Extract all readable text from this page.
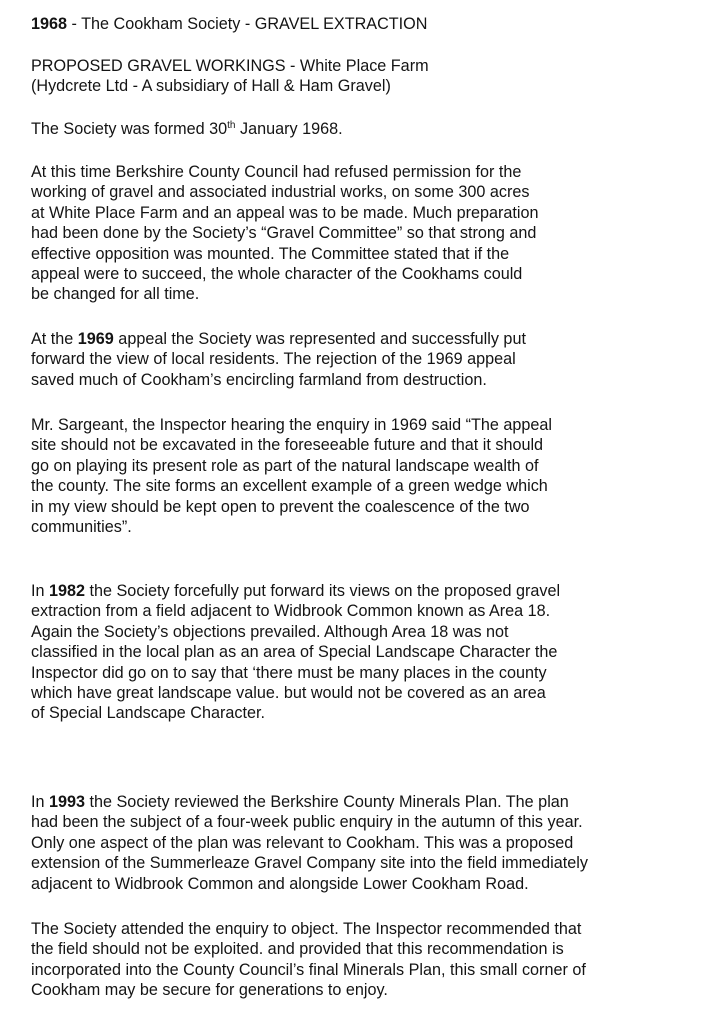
1968 - The Cookham Society - GRAVEL EXTRACTION
PROPOSED GRAVEL WORKINGS - White Place Farm
(Hydcrete Ltd - A subsidiary of Hall & Ham Gravel)
The Society was formed 30th January 1968.
At this time Berkshire County Council had refused permission for the
working of gravel and associated industrial works, on some 300 acres
at White Place Farm and an appeal was to be made. Much preparation
had been done by the Society’s “Gravel Committee” so that strong and
effective opposition was mounted. The Committee stated that if the
appeal were to succeed, the whole character of the Cookhams could
be changed for all time.
At the 1969 appeal the Society was represented and successfully put
forward the view of local residents. The rejection of the 1969 appeal
saved much of Cookham’s encircling farmland from destruction.
Mr. Sargeant, the Inspector hearing the enquiry in 1969 said “The appeal
site should not be excavated in the foreseeable future and that it should
go on playing its present role as part of the natural landscape wealth of
the county. The site forms an excellent example of a green wedge which
in my view should be kept open to prevent the coalescence of the two
communities”.
In 1982 the Society forcefully put forward its views on the proposed gravel
extraction from a field adjacent to Widbrook Common known as Area 18.
Again the Society’s objections prevailed. Although Area 18 was not
classified in the local plan as an area of Special Landscape Character the
Inspector did go on to say that ‘there must be many places in the county
which have great landscape value. but would not be covered as an area
of Special Landscape Character.
In 1993 the Society reviewed the Berkshire County Minerals Plan. The plan
had been the subject of a four-week public enquiry in the autumn of this year.
Only one aspect of the plan was relevant to Cookham. This was a proposed
extension of the Summerleaze Gravel Company site into the field immediately
adjacent to Widbrook Common and alongside Lower Cookham Road.
The Society attended the enquiry to object. The Inspector recommended that
the field should not be exploited. and provided that this recommendation is
incorporated into the County Council’s final Minerals Plan, this small corner of
Cookham may be secure for generations to enjoy.
